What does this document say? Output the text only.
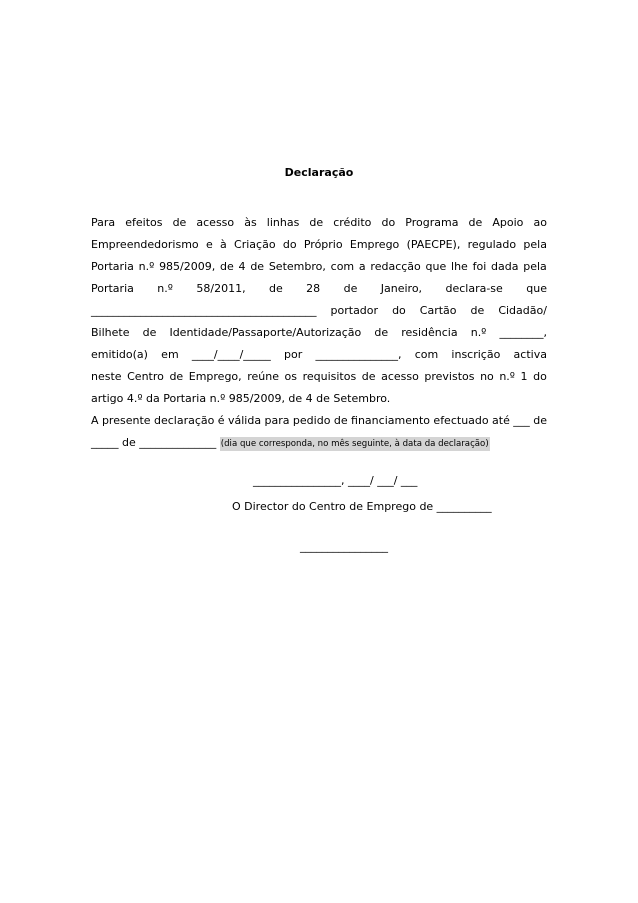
Declaração
Para efeitos de acesso às linhas de crédito do Programa de Apoio ao
Empreendedorismo e à Criação do Próprio Emprego (PAECPE), regulado pela
Portaria n.º 985/2009, de 4 de Setembro, com a redacção que lhe foi dada pela
Portaria n.º 58/2011, de 28 de Janeiro, declara-se que
_________________________________________ portador do Cartão de Cidadão/
Bilhete de Identidade/Passaporte/Autorização de residência n.º ________,
emitido(a) em ____/____/_____ por _______________, com inscrição activa
neste Centro de Emprego, reúne os requisitos de acesso previstos no n.º 1 do
artigo 4.º da Portaria n.º 985/2009, de 4 de Setembro.
A presente declaração é válida para pedido de financiamento efectuado até ___ de
_____ de ______________ (dia que corresponda, no mês seguinte, à data da declaração)
________________, ____/ ___/ ___
O Director do Centro de Emprego de __________
________________
